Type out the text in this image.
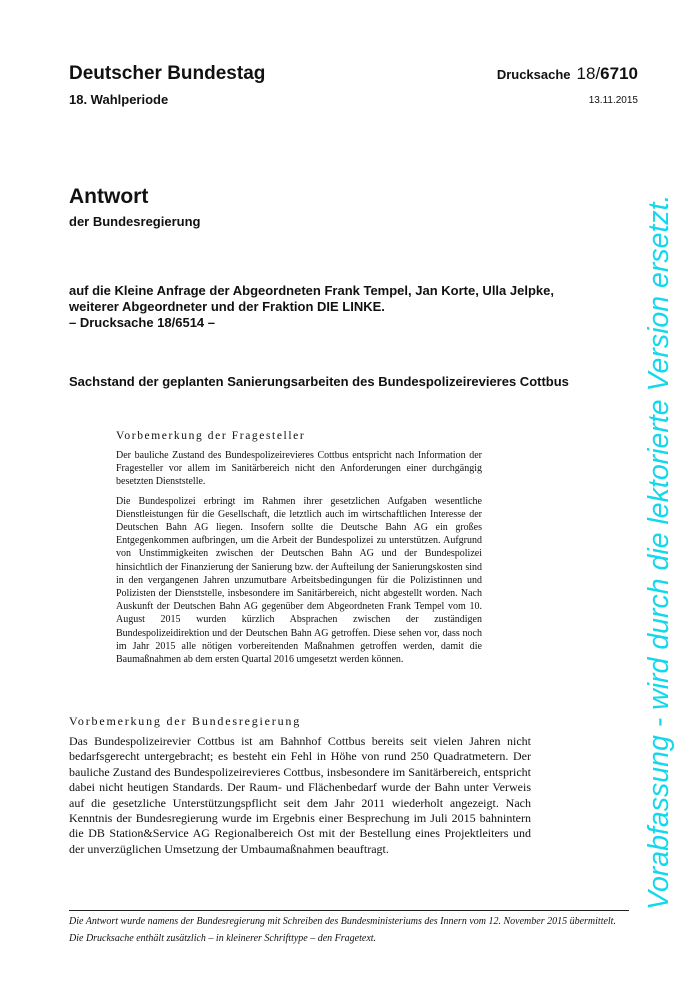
Deutscher Bundestag	Drucksache 18/6710
18. Wahlperiode	13.11.2015
Antwort
der Bundesregierung
auf die Kleine Anfrage der Abgeordneten Frank Tempel, Jan Korte, Ulla Jelpke,
weiterer Abgeordneter und der Fraktion DIE LINKE.
– Drucksache 18/6514 –
Sachstand der geplanten Sanierungsarbeiten des Bundespolizeirevieres Cottbus
Vorbemerkung der Fragesteller

Der bauliche Zustand des Bundespolizeirevieres Cottbus entspricht nach Information der Fragesteller vor allem im Sanitärbereich nicht den Anforderungen einer durchgängig besetzten Dienststelle.

Die Bundespolizei erbringt im Rahmen ihrer gesetzlichen Aufgaben wesentliche Dienstleistungen für die Gesellschaft, die letztlich auch im wirtschaftlichen Interesse der Deutschen Bahn AG liegen. Insofern sollte die Deutsche Bahn AG ein großes Entgegenkommen aufbringen, um die Arbeit der Bundespolizei zu unterstützen. Aufgrund von Unstimmigkeiten zwischen der Deutschen Bahn AG und der Bundespolizei hinsichtlich der Finanzierung der Sanierung bzw. der Aufteilung der Sanierungskosten sind in den vergangenen Jahren unzumutbare Arbeitsbedingungen für die Polizistinnen und Polizisten der Dienststelle, insbesondere im Sanitärbereich, nicht abgestellt worden. Nach Auskunft der Deutschen Bahn AG gegenüber dem Abgeordneten Frank Tempel vom 10. August 2015 wurden kürzlich Absprachen zwischen der zuständigen Bundespolizeidirektion und der Deutschen Bahn AG getroffen. Diese sehen vor, dass noch im Jahr 2015 alle nötigen vorbereitenden Maßnahmen getroffen werden, damit die Baumaßnahmen ab dem ersten Quartal 2016 umgesetzt werden können.

Vorbemerkung der Bundesregierung

Das Bundespolizeirevier Cottbus ist am Bahnhof Cottbus bereits seit vielen Jahren nicht bedarfsgerecht untergebracht; es besteht ein Fehl in Höhe von rund 250 Quadratmetern. Der bauliche Zustand des Bundespolizeirevieres Cottbus, insbesondere im Sanitärbereich, entspricht dabei nicht heutigen Standards. Der Raum- und Flächenbedarf wurde der Bahn unter Verweis auf die gesetzliche Unterstützungspflicht seit dem Jahr 2011 wiederholt angezeigt. Nach Kenntnis der Bundesregierung wurde im Ergebnis einer Besprechung im Juli 2015 bahnintern die DB Station&Service AG Regionalbereich Ost mit der Bestellung eines Projektleiters und der unverzüglichen Umsetzung der Umbaumaßnahmen beauftragt.

Die Antwort wurde namens der Bundesregierung mit Schreiben des Bundesministeriums des Innern vom 12. November 2015 übermittelt.

Die Drucksache enthält zusätzlich – in kleinerer Schrifttype – den Fragetext.

Vorabfassung - wird durch die lektorierte Version ersetzt.
